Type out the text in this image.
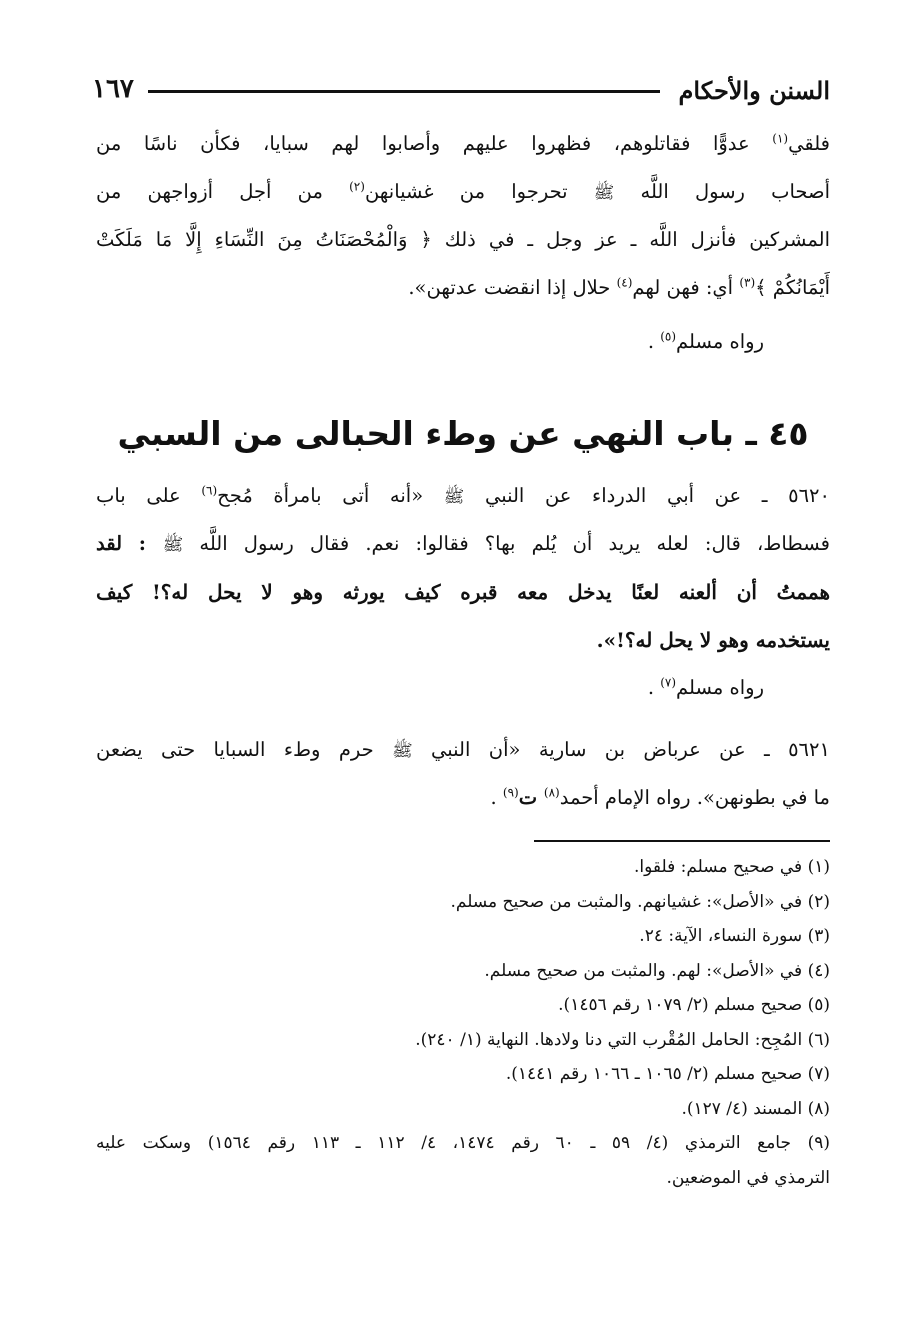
السنن والأحكام
١٦٧
فلقي$^{(١)}$ عدوًّا فقاتلوهم، فظهروا عليهم وأصابوا لهم سبايا، فكأن ناسًا من
أصحاب رسول اللَّه ﷺ تحرجوا من غشيانهن$^{(٢)}$ من أجل أزواجهن من
المشركين فأنزل اللَّه ـ عز وجل ـ في ذلك ﴿ وَالْمُحْصَنَاتُ مِنَ النِّسَاءِ إِلَّا مَا مَلَكَتْ
أَيْمَانُكُمْ ﴾$^{(٣)}$ أي: فهن لهم$^{(٤)}$ حلال إذا انقضت عدتهن».
رواه مسلم$^{(٥)}$ .
٤٥ ـ باب النهي عن وطء الحبالى من السبي
٥٦٢٠ ـ عن أبي الدرداء عن النبي ﷺ «أنه أتى بامرأة مُجح$^{(٦)}$ على باب
فسطاط، قال: لعله يريد أن يُلم بها؟ فقالوا: نعم. فقال رسول اللَّه ﷺ : لقد
هممتُ أن ألعنه لعنًا يدخل معه قبره كيف يورثه وهو لا يحل له؟! كيف
يستخدمه وهو لا يحل له؟!».
رواه مسلم$^{(٧)}$ .
٥٦٢١ ـ عن عرباض بن سارية «أن النبي ﷺ حرم وطء السبايا حتى يضعن
ما في بطونهن». رواه الإمام أحمد$^{(٨)}$ ت$^{(٩)}$ .
(١) في صحيح مسلم: فلقوا.
(٢) في «الأصل»: غشيانهم. والمثبت من صحيح مسلم.
(٣) سورة النساء، الآية: ٢٤.
(٤) في «الأصل»: لهم. والمثبت من صحيح مسلم.
(٥) صحيح مسلم (٢/ ١٠٧٩ رقم ١٤٥٦).
(٦) المُجِح: الحامل المُقْرب التي دنا ولادها. النهاية (١/ ٢٤٠).
(٧) صحيح مسلم (٢/ ١٠٦٥ ـ ١٠٦٦ رقم ١٤٤١).
(٨) المسند (٤/ ١٢٧).
(٩) جامع الترمذي (٤/ ٥٩ ـ ٦٠ رقم ١٤٧٤، ٤/ ١١٢ ـ ١١٣ رقم ١٥٦٤) وسكت عليه
الترمذي في الموضعين.
